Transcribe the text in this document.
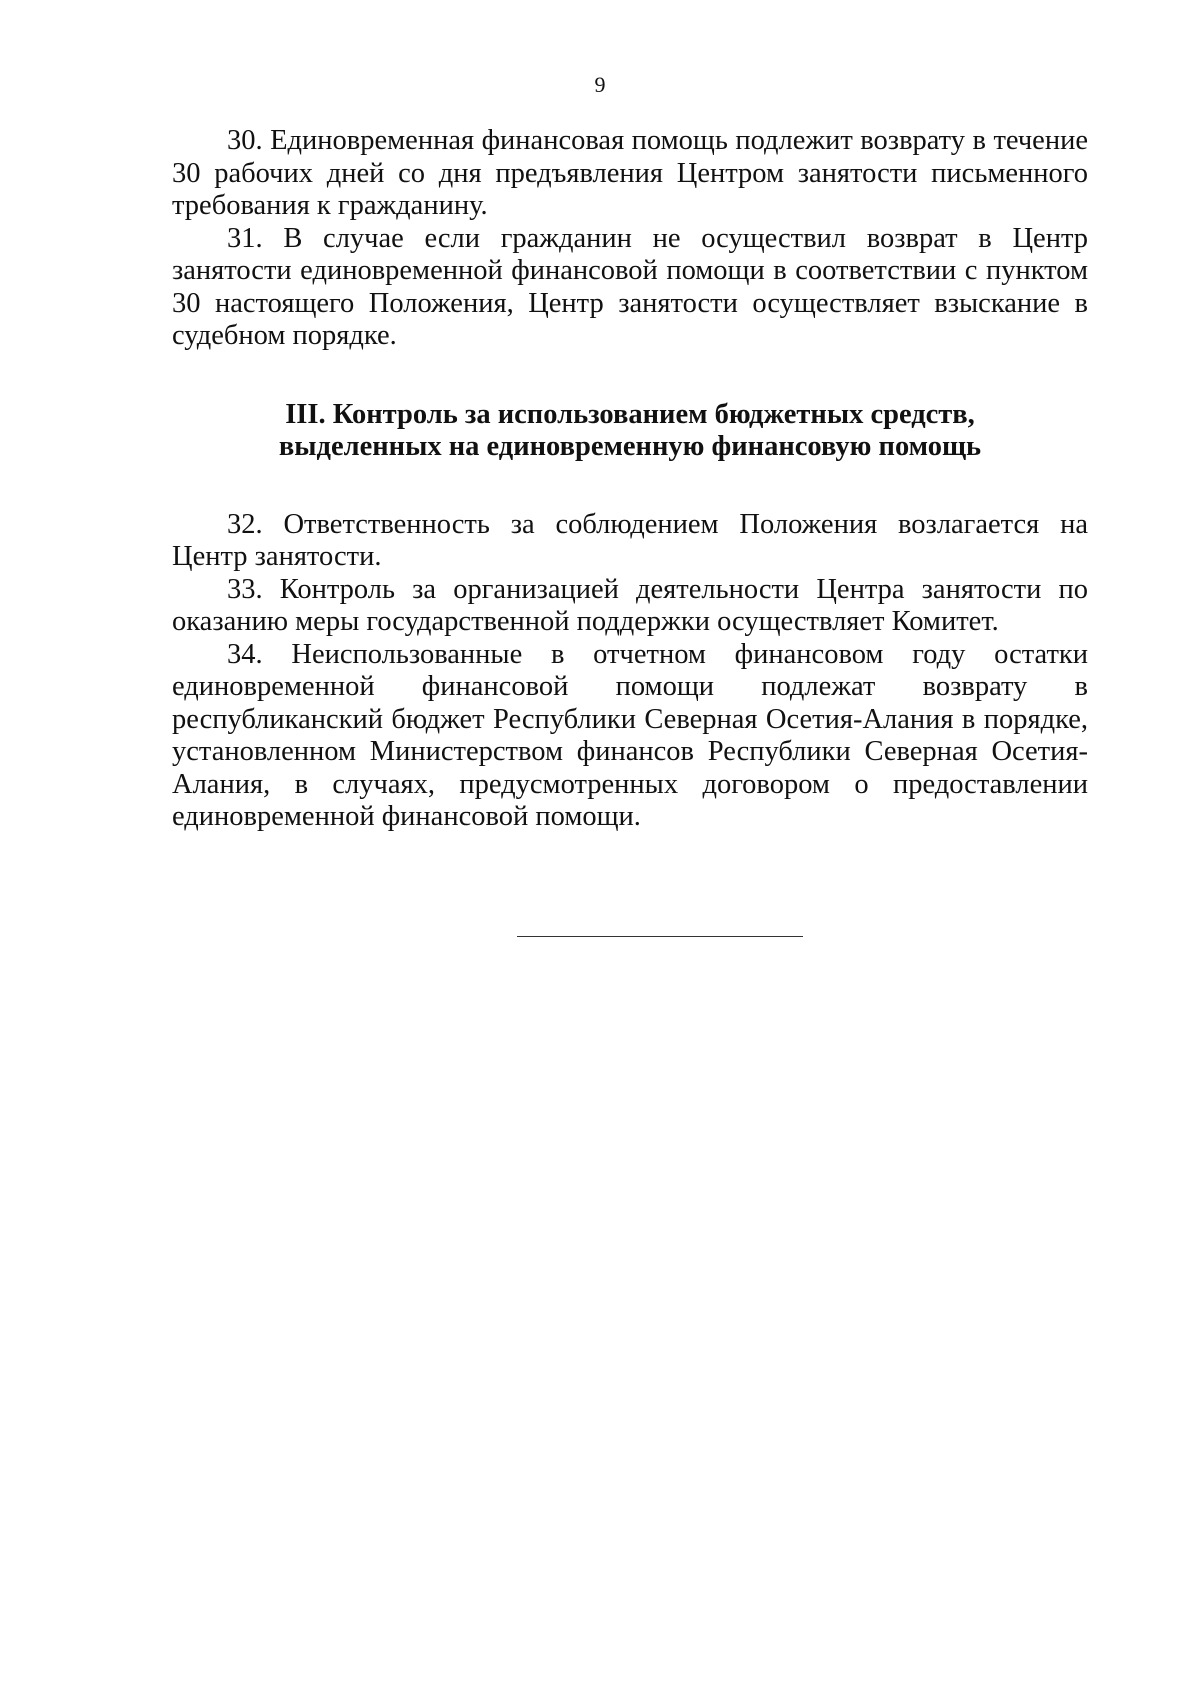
9

30. Единовременная финансовая помощь подлежит возврату в течение 30 рабочих дней со дня предъявления Центром занятости письменного требования к гражданину.

31. В случае если гражданин не осуществил возврат в Центр занятости единовременной финансовой помощи в соответствии с пунктом 30 настоящего Положения, Центр занятости осуществляет взыскание в судебном порядке.

III. Контроль за использованием бюджетных средств,
выделенных на единовременную финансовую помощь

32. Ответственность за соблюдением Положения возлагается на Центр занятости.

33. Контроль за организацией деятельности Центра занятости по оказанию меры государственной поддержки осуществляет Комитет.

34. Неиспользованные в отчетном финансовом году остатки единовременной финансовой помощи подлежат возврату в республиканский бюджет Республики Северная Осетия-Алания в порядке, установленном Министерством финансов Республики Северная Осетия-Алания, в случаях, предусмотренных договором о предоставлении единовременной финансовой помощи.
